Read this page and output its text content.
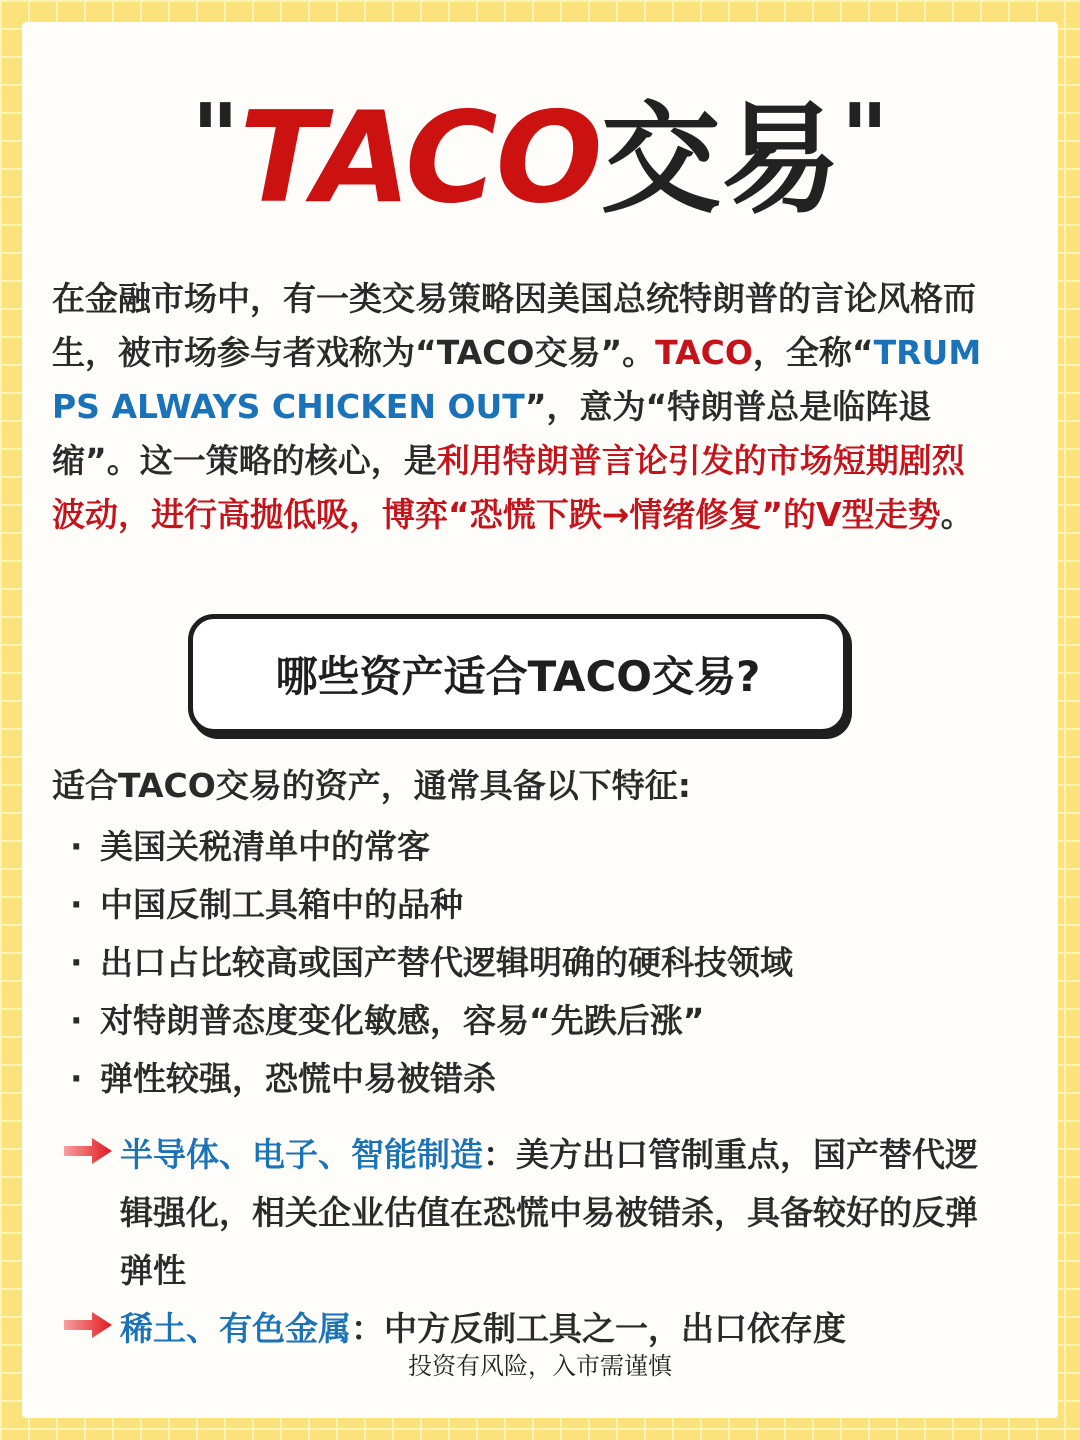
"TACO交易"

在金融市场中，有一类交易策略因美国总统特朗普的言论风格而生，被市场参与者戏称为“TACO交易”。TACO，全称“TRUMPS ALWAYS CHICKEN OUT”，意为“特朗普总是临阵退缩”。这一策略的核心，是利用特朗普言论引发的市场短期剧烈波动，进行高抛低吸，博弈“恐慌下跌→情绪修复”的V型走势。

哪些资产适合TACO交易?

适合TACO交易的资产，通常具备以下特征:

· 美国关税清单中的常客
· 中国反制工具箱中的品种
· 出口占比较高或国产替代逻辑明确的硬科技领域
· 对特朗普态度变化敏感，容易“先跌后涨”
· 弹性较强，恐慌中易被错杀
半导体、电子、智能制造：美方出口管制重点，国产替代逻辑强化，相关企业估值在恐慌中易被错杀，具备较好的反弹弹性
稀土、有色金属：中方反制工具之一，出口依存度
投资有风险，入市需谨慎
